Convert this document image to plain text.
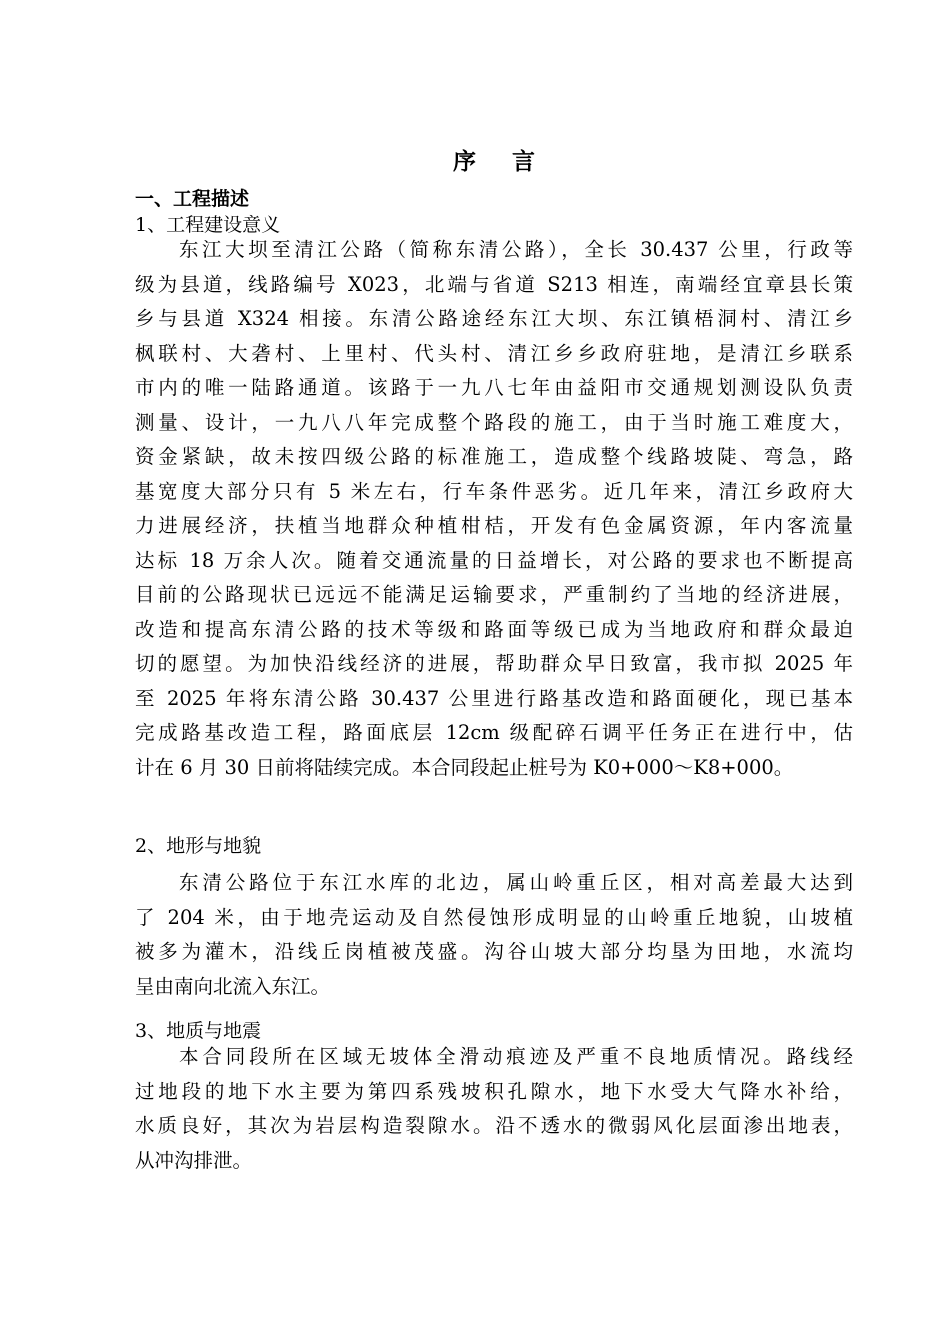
序 言
一、工程描述
1、工程建设意义
东江大坝至清江公路（简称东清公路），全长 30.437 公里，行政等
级为县道，线路编号 X023，北端与省道 S213 相连，南端经宜章县长策
乡与县道 X324 相接。东清公路途经东江大坝、东江镇梧洞村、清江乡
枫联村、大砻村、上里村、代头村、清江乡乡政府驻地，是清江乡联系
市内的唯一陆路通道。该路于一九八七年由益阳市交通规划测设队负责
测量、设计，一九八八年完成整个路段的施工，由于当时施工难度大，
资金紧缺，故未按四级公路的标准施工，造成整个线路坡陡、弯急，路
基宽度大部分只有 5 米左右，行车条件恶劣。近几年来，清江乡政府大
力进展经济，扶植当地群众种植柑桔，开发有色金属资源，年内客流量
达标 18 万余人次。随着交通流量的日益增长，对公路的要求也不断提高
目前的公路现状已远远不能满足运输要求，严重制约了当地的经济进展，
改造和提高东清公路的技术等级和路面等级已成为当地政府和群众最迫
切的愿望。为加快沿线经济的进展，帮助群众早日致富，我市拟 2025 年
至 2025 年将东清公路 30.437 公里进行路基改造和路面硬化，现已基本
完成路基改造工程，路面底层 12cm 级配碎石调平任务正在进行中，估
计在 6 月 30 日前将陆续完成。本合同段起止桩号为 K0+000～K8+000。
2、地形与地貌
东清公路位于东江水库的北边，属山岭重丘区，相对高差最大达到
了 204 米，由于地壳运动及自然侵蚀形成明显的山岭重丘地貌，山坡植
被多为灌木，沿线丘岗植被茂盛。沟谷山坡大部分均垦为田地，水流均
呈由南向北流入东江。
3、地质与地震
本合同段所在区域无坡体全滑动痕迹及严重不良地质情况。路线经
过地段的地下水主要为第四系残坡积孔隙水，地下水受大气降水补给，
水质良好，其次为岩层构造裂隙水。沿不透水的微弱风化层面渗出地表，
从冲沟排泄。
